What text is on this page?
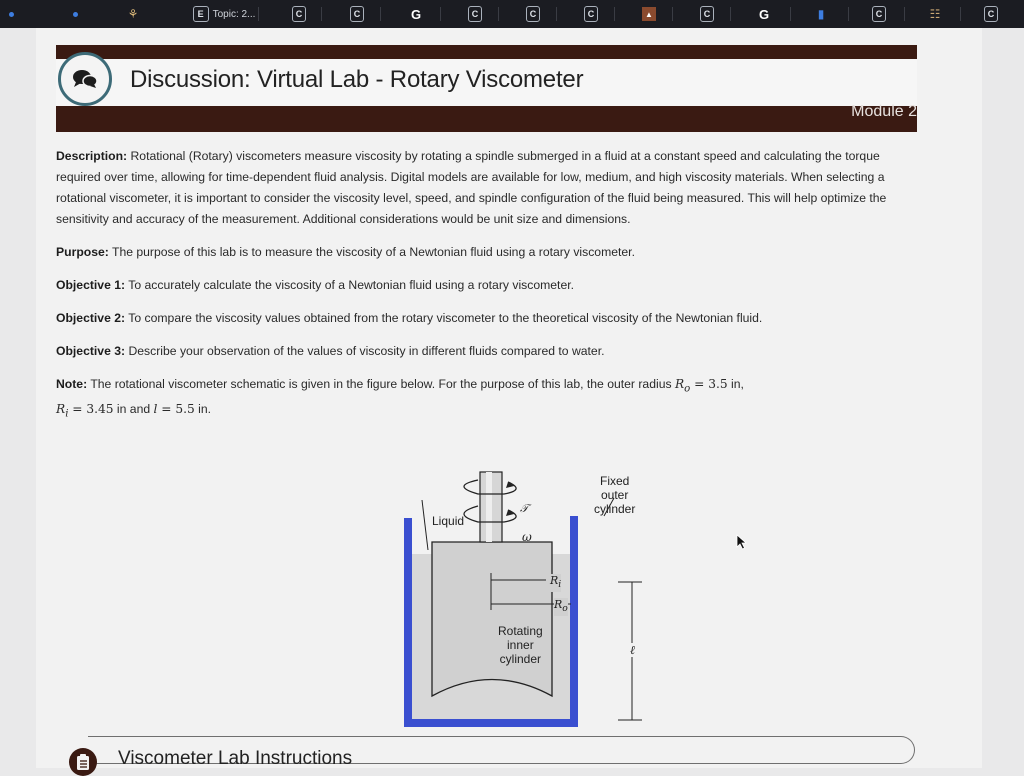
⚘	E Topic: 2...	C	C	G	C	C	C	▲	C	G	▮	C	☷	C
Discussion: Virtual Lab - Rotary Viscometer
Module 2

Description: Rotational (Rotary) viscometers measure viscosity by rotating a spindle submerged in a fluid at a constant speed and calculating the torque required over time, allowing for time-dependent fluid analysis. Digital models are available for low, medium, and high viscosity materials. When selecting a rotational viscometer, it is important to consider the viscosity level, speed, and spindle configuration of the fluid being measured. This will help optimize the sensitivity and accuracy of the measurement. Additional considerations would be unit size and dimensions.

Purpose: The purpose of this lab is to measure the viscosity of a Newtonian fluid using a rotary viscometer.

Objective 1: To accurately calculate the viscosity of a Newtonian fluid using a rotary viscometer.

Objective 2: To compare the viscosity values obtained from the rotary viscometer to the theoretical viscosity of the Newtonian fluid.

Objective 3: Describe your observation of the values of viscosity in different fluids compared to water.

Note: The rotational viscometer schematic is given in the figure below. For the purpose of this lab, the outer radius $R_o = 3.5$ in,
$R_i = 3.45$ in and l = 5.5 in.

Fixed
outer
cylinder
Liquid
𝒯
ω
$R_i$
$R_o$
Rotating
inner
cylinder
ℓ
Viscometer Lab Instructions
